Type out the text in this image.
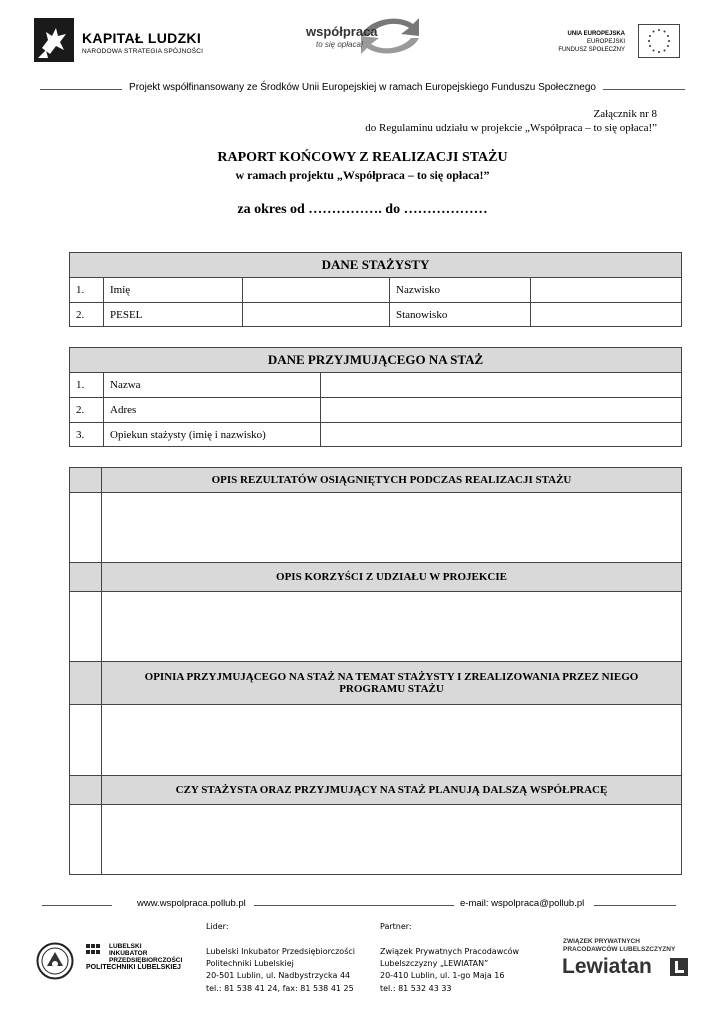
KAPITAŁ LUDZKI
NARODOWA STRATEGIA SPÓJNOŚCI
współpraca
to się opłaca!
UNIA EUROPEJSKA
EUROPEJSKI
FUNDUSZ SPOŁECZNY
Projekt współfinansowany ze Środków Unii Europejskiej w ramach Europejskiego Funduszu Społecznego
Załącznik nr 8
do Regulaminu udziału w projekcie „Współpraca – to się opłaca!”
RAPORT KOŃCOWY Z REALIZACJI STAŻU
w ramach projektu „Współpraca – to się opłaca!”
za okres od ……………. do ………………
DANE STAŻYSTY				
1.	Imię		Nazwisko	
2.	PESEL		Stanowisko	
DANE PRZYJMUJĄCEGO NA STAŻ		
1.	Nazwa	
2.	Adres	
3.	Opiekun stażysty (imię i nazwisko)	
	OPIS REZULTATÓW OSIĄGNIĘTYCH PODCZAS REALIZACJI STAŻU

	OPIS KORZYŚCI Z UDZIAŁU W PROJEKCIE

	OPINIA PRZYJMUJĄCEGO NA STAŻ NA TEMAT STAŻYSTY I ZREALIZOWANIA PRZEZ NIEGO PROGRAMU STAŻU

	CZY STAŻYSTA ORAZ PRZYJMUJĄCY NA STAŻ PLANUJĄ DALSZĄ WSPÓŁPRACĘ

www.wspolpraca.pollub.pl	e-mail: wspolpraca@pollub.pl
LUBELSKI
INKUBATOR
PRZEDSIĘBIORCZOŚCI
POLITECHNIKI LUBELSKIEJ
Lider:
Lubelski Inkubator Przedsiębiorczości
Politechniki Lubelskiej
20-501 Lublin, ul. Nadbystrzycka 44
tel.: 81 538 41 24, fax: 81 538 41 25
Partner:
Związek Prywatnych Pracodawców
Lubelszczyzny „LEWIATAN”
20-410 Lublin, ul. 1-go Maja 16
tel.: 81 532 43 33
ZWIĄZEK PRYWATNYCH
PRACODAWCÓW LUBELSZCZYZNY
Lewiatan
